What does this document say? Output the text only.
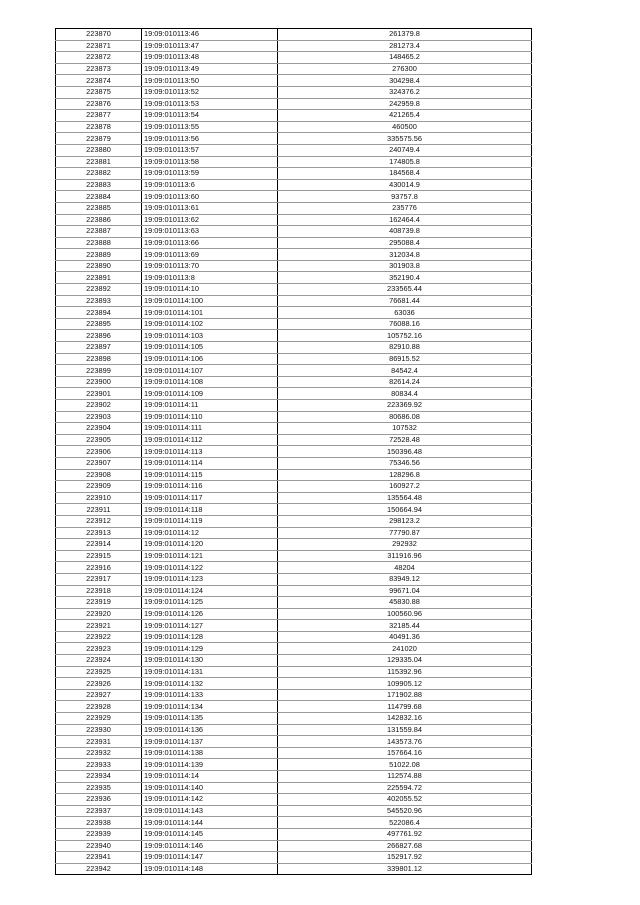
223870	19:09:010113:46	261379.8
223871	19:09:010113:47	281273.4
223872	19:09:010113:48	148465.2
223873	19:09:010113:49	276300
223874	19:09:010113:50	304298.4
223875	19:09:010113:52	324376.2
223876	19:09:010113:53	242959.8
223877	19:09:010113:54	421265.4
223878	19:09:010113:55	460500
223879	19:09:010113:56	335575.56
223880	19:09:010113:57	240749.4
223881	19:09:010113:58	174805.8
223882	19:09:010113:59	184568.4
223883	19:09:010113:6	430014.9
223884	19:09:010113:60	93757.8
223885	19:09:010113:61	235776
223886	19:09:010113:62	162464.4
223887	19:09:010113:63	408739.8
223888	19:09:010113:66	295088.4
223889	19:09:010113:69	312034.8
223890	19:09:010113:70	301903.8
223891	19:09:010113:8	352190.4
223892	19:09:010114:10	233565.44
223893	19:09:010114:100	76681.44
223894	19:09:010114:101	63036
223895	19:09:010114:102	76088.16
223896	19:09:010114:103	105752.16
223897	19:09:010114:105	82910.88
223898	19:09:010114:106	86915.52
223899	19:09:010114:107	84542.4
223900	19:09:010114:108	82614.24
223901	19:09:010114:109	80834.4
223902	19:09:010114:11	223369.92
223903	19:09:010114:110	80686.08
223904	19:09:010114:111	107532
223905	19:09:010114:112	72528.48
223906	19:09:010114:113	150396.48
223907	19:09:010114:114	75346.56
223908	19:09:010114:115	128296.8
223909	19:09:010114:116	160927.2
223910	19:09:010114:117	135564.48
223911	19:09:010114:118	150664.94
223912	19:09:010114:119	298123.2
223913	19:09:010114:12	77790.87
223914	19:09:010114:120	292932
223915	19:09:010114:121	311916.96
223916	19:09:010114:122	48204
223917	19:09:010114:123	83949.12
223918	19:09:010114:124	99671.04
223919	19:09:010114:125	45830.88
223920	19:09:010114:126	100560.96
223921	19:09:010114:127	32185.44
223922	19:09:010114:128	40491.36
223923	19:09:010114:129	241020
223924	19:09:010114:130	129335.04
223925	19:09:010114:131	115392.96
223926	19:09:010114:132	109905.12
223927	19:09:010114:133	171902.88
223928	19:09:010114:134	114799.68
223929	19:09:010114:135	142832.16
223930	19:09:010114:136	131559.84
223931	19:09:010114:137	143573.76
223932	19:09:010114:138	157664.16
223933	19:09:010114:139	51022.08
223934	19:09:010114:14	112574.88
223935	19:09:010114:140	225594.72
223936	19:09:010114:142	402055.52
223937	19:09:010114:143	545520.96
223938	19:09:010114:144	522086.4
223939	19:09:010114:145	497761.92
223940	19:09:010114:146	266827.68
223941	19:09:010114:147	152917.92
223942	19:09:010114:148	339801.12
